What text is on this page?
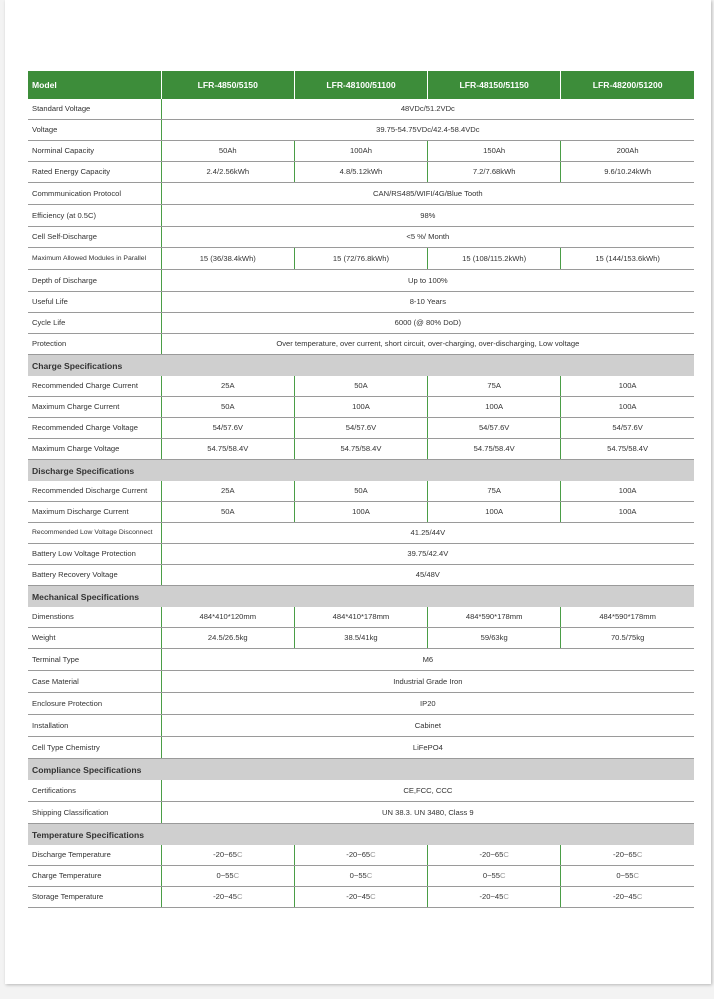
Model	LFR-4850/5150	LFR-48100/51100	LFR-48150/51150	LFR-48200/51200
Standard Voltage	48VDc/51.2VDc			
Voltage	39.75-54.75VDc/42.4-58.4VDc			
Norminal Capacity	50Ah	100Ah	150Ah	200Ah
Rated Energy Capacity	2.4/2.56kWh	4.8/5.12kWh	7.2/7.68kWh	9.6/10.24kWh
Commmunication Protocol	CAN/RS485/WIFI/4G/Blue Tooth			
Efficiency (at 0.5C)	98%			
Cell Self-Discharge	<5 %/ Month			
Maximum Allowed Modules in Parallel	15 (36/38.4kWh)	15 (72/76.8kWh)	15 (108/115.2kWh)	15 (144/153.6kWh)
Depth of Discharge	Up to 100%			
Useful Life	8-10 Years			
Cycle Life	6000 (@ 80% DoD)			
Protection	Over temperature, over current, short circuit, over-charging, over-discharging, Low voltage			
Charge Specifications				
Recommended Charge Current	25A	50A	75A	100A
Maximum Charge Current	50A	100A	100A	100A
Recommended Charge Voltage	54/57.6V	54/57.6V	54/57.6V	54/57.6V
Maximum Charge Voltage	54.75/58.4V	54.75/58.4V	54.75/58.4V	54.75/58.4V
Discharge Specifications				
Recommended Discharge Current	25A	50A	75A	100A
Maximum Discharge Current	50A	100A	100A	100A
Recommended Low Voltage Disconnect	41.25/44V			
Battery Low Voltage Protection	39.75/42.4V			
Battery Recovery Voltage	45/48V			
Mechanical Specifications				
Dimenstions	484*410*120mm	484*410*178mm	484*590*178mm	484*590*178mm
Weight	24.5/26.5kg	38.5/41kg	59/63kg	70.5/75kg
Terminal Type	M6			
Case Material	Industrial Grade Iron			
Enclosure Protection	IP20			
Installation	Cabinet			
Cell Type Chemistry	LiFePO4			
Compliance Specifications				
Certifications	CE,FCC, CCC			
Shipping Classification	UN 38.3. UN 3480, Class 9			
Temperature Specifications				
Discharge Temperature	-20~65C	-20~65C	-20~65C	-20~65C
Charge Temperature	0~55C	0~55C	0~55C	0~55C
Storage Temperature	-20~45C	-20~45C	-20~45C	-20~45C
